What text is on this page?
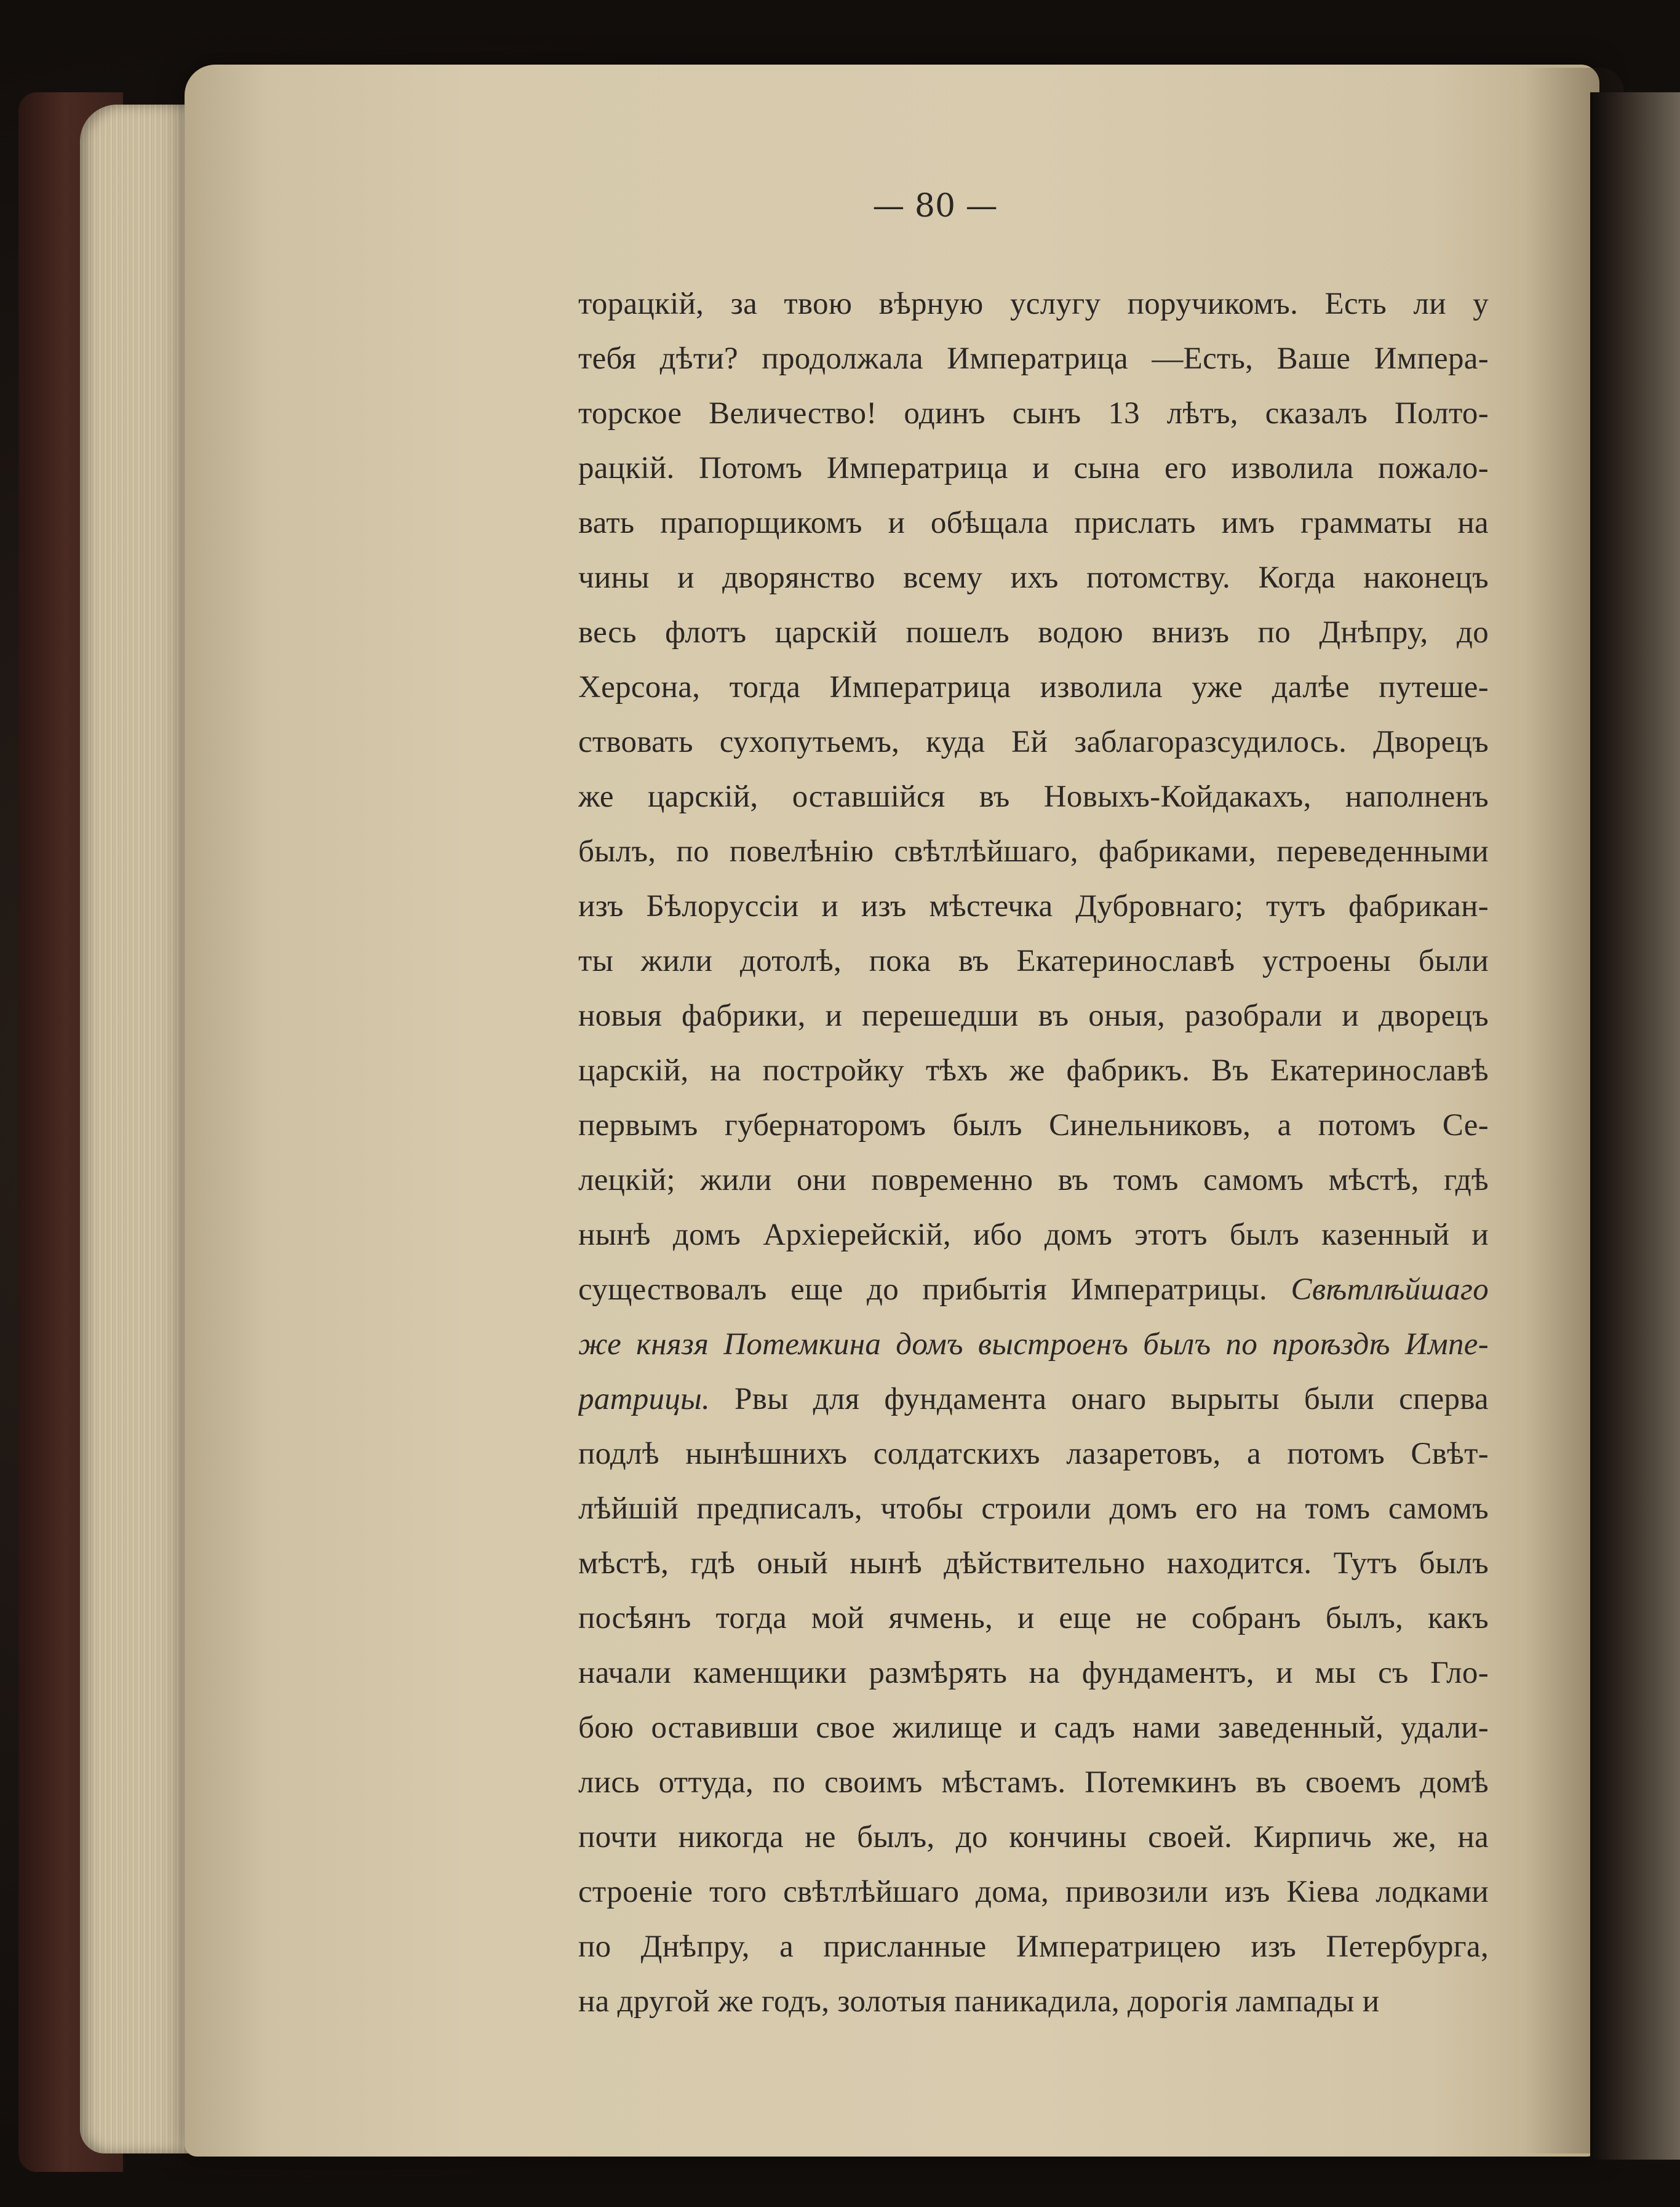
— 80 —
торацкій, за твою вѣрную услугу поручикомъ. Есть ли у
тебя дѣти? продолжала Императрица —Есть, Ваше Импера-
торское Величество! одинъ сынъ 13 лѣтъ, сказалъ Полто-
рацкій. Потомъ Императрица и сына его изволила пожало-
вать прапорщикомъ и обѣщала прислать имъ грамматы на
чины и дворянство всему ихъ потомству. Когда наконецъ
весь флотъ царскій пошелъ водою внизъ по Днѣпру, до
Херсона, тогда Императрица изволила уже далѣе путеше-
ствовать сухопутьемъ, куда Ей заблагоразсудилось. Дворецъ
же царскій, оставшійся въ Новыхъ-Койдакахъ, наполненъ
былъ, по повелѣнію свѣтлѣйшаго, фабриками, переведенными
изъ Бѣлоруссіи и изъ мѣстечка Дубровнаго; тутъ фабрикан-
ты жили дотолѣ, пока въ Екатеринославѣ устроены были
новыя фабрики, и перешедши въ оныя, разобрали и дворецъ
царскій, на постройку тѣхъ же фабрикъ. Въ Екатеринославѣ
первымъ губернаторомъ былъ Синельниковъ, а потомъ Се-
лецкій; жили они повременно въ томъ самомъ мѣстѣ, гдѣ
нынѣ домъ Архіерейскій, ибо домъ этотъ былъ казенный и
существовалъ еще до прибытія Императрицы. Свѣтлѣйшаго
же князя Потемкина домъ выстроенъ былъ по проѣздѣ Импе-
ратрицы. Рвы для фундамента онаго вырыты были сперва
подлѣ нынѣшнихъ солдатскихъ лазаретовъ, а потомъ Свѣт-
лѣйшій предписалъ, чтобы строили домъ его на томъ самомъ
мѣстѣ, гдѣ оный нынѣ дѣйствительно находится. Тутъ былъ
посѣянъ тогда мой ячмень, и еще не собранъ былъ, какъ
начали каменщики размѣрять на фундаментъ, и мы съ Гло-
бою оставивши свое жилище и садъ нами заведенный, удали-
лись оттуда, по своимъ мѣстамъ. Потемкинъ въ своемъ домѣ
почти никогда не былъ, до кончины своей. Кирпичь же, на
строеніе того свѣтлѣйшаго дома, привозили изъ Кіева лодками
по Днѣпру, а присланные Императрицею изъ Петербурга,
на другой же годъ, золотыя паникадила, дорогія лампады и
